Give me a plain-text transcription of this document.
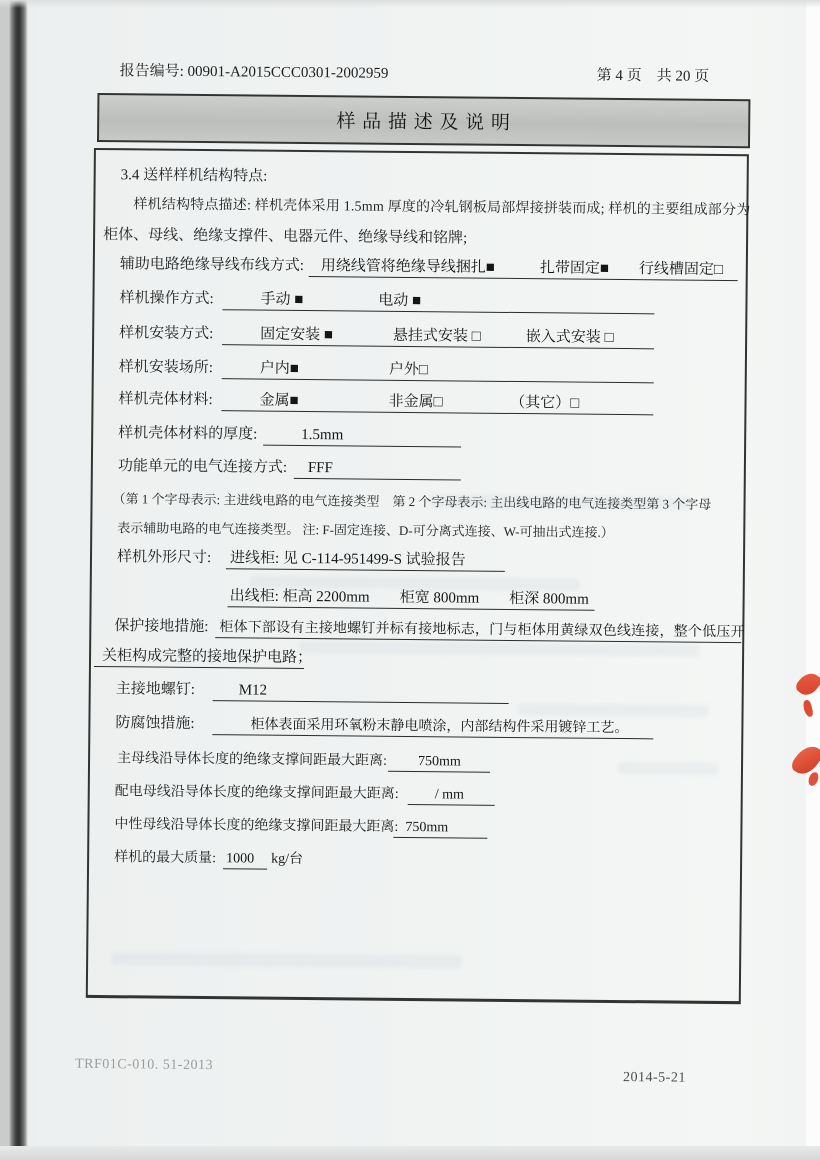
报告编号: 00901-A2015CCC0301-2002959	第 4 页　共 20 页
样 品 描 述 及 说 明
3.4 送样样机结构特点:
样机结构特点描述: 样机壳体采用 1.5mm 厚度的冷轧钢板局部焊接拼装而成; 样机的主要组成部分为
柜体、母线、绝缘支撑件、电器元件、绝缘导线和铭牌;
辅助电路绝缘导线布线方式:	用绕线管将绝缘导线捆扎■　　　扎带固定■　　行线槽固定□
样机操作方式:	手动 ■　　　　　电动 ■
样机安装方式:	固定安装 ■　　　　悬挂式安装 □　　　嵌入式安装 □
样机安装场所:	户内■　　　　　　户外□
样机壳体材料:	金属■　　　　　　非金属□　　　　　（其它）□
样机壳体材料的厚度:	1.5mm
功能单元的电气连接方式:	FFF
（第 1 个字母表示: 主进线电路的电气连接类型　第 2 个字母表示: 主出线电路的电气连接类型第 3 个字母
表示辅助电路的电气连接类型。 注: F-固定连接、D-可分离式连接、W-可抽出式连接.）
样机外形尺寸: 进线柜: 见 C-114-951499-S 试验报告
出线柜: 柜高 2200mm　　柜宽 800mm　　柜深 800mm
保护接地措施: 柜体下部设有主接地螺钉并标有接地标志，门与柜体用黄绿双色线连接，整个低压开
关柜构成完整的接地保护电路；
主接地螺钉:	M12
防腐蚀措施:	柜体表面采用环氧粉末静电喷涂，内部结构件采用镀锌工艺。
主母线沿导体长度的绝缘支撑间距最大距离:	750mm
配电母线沿导体长度的绝缘支撑间距最大距离:	/ mm
中性母线沿导体长度的绝缘支撑间距最大距离: 750mm
样机的最大质量: 1000	kg/台
TRF01C-010. 51-2013
2014-5-21
